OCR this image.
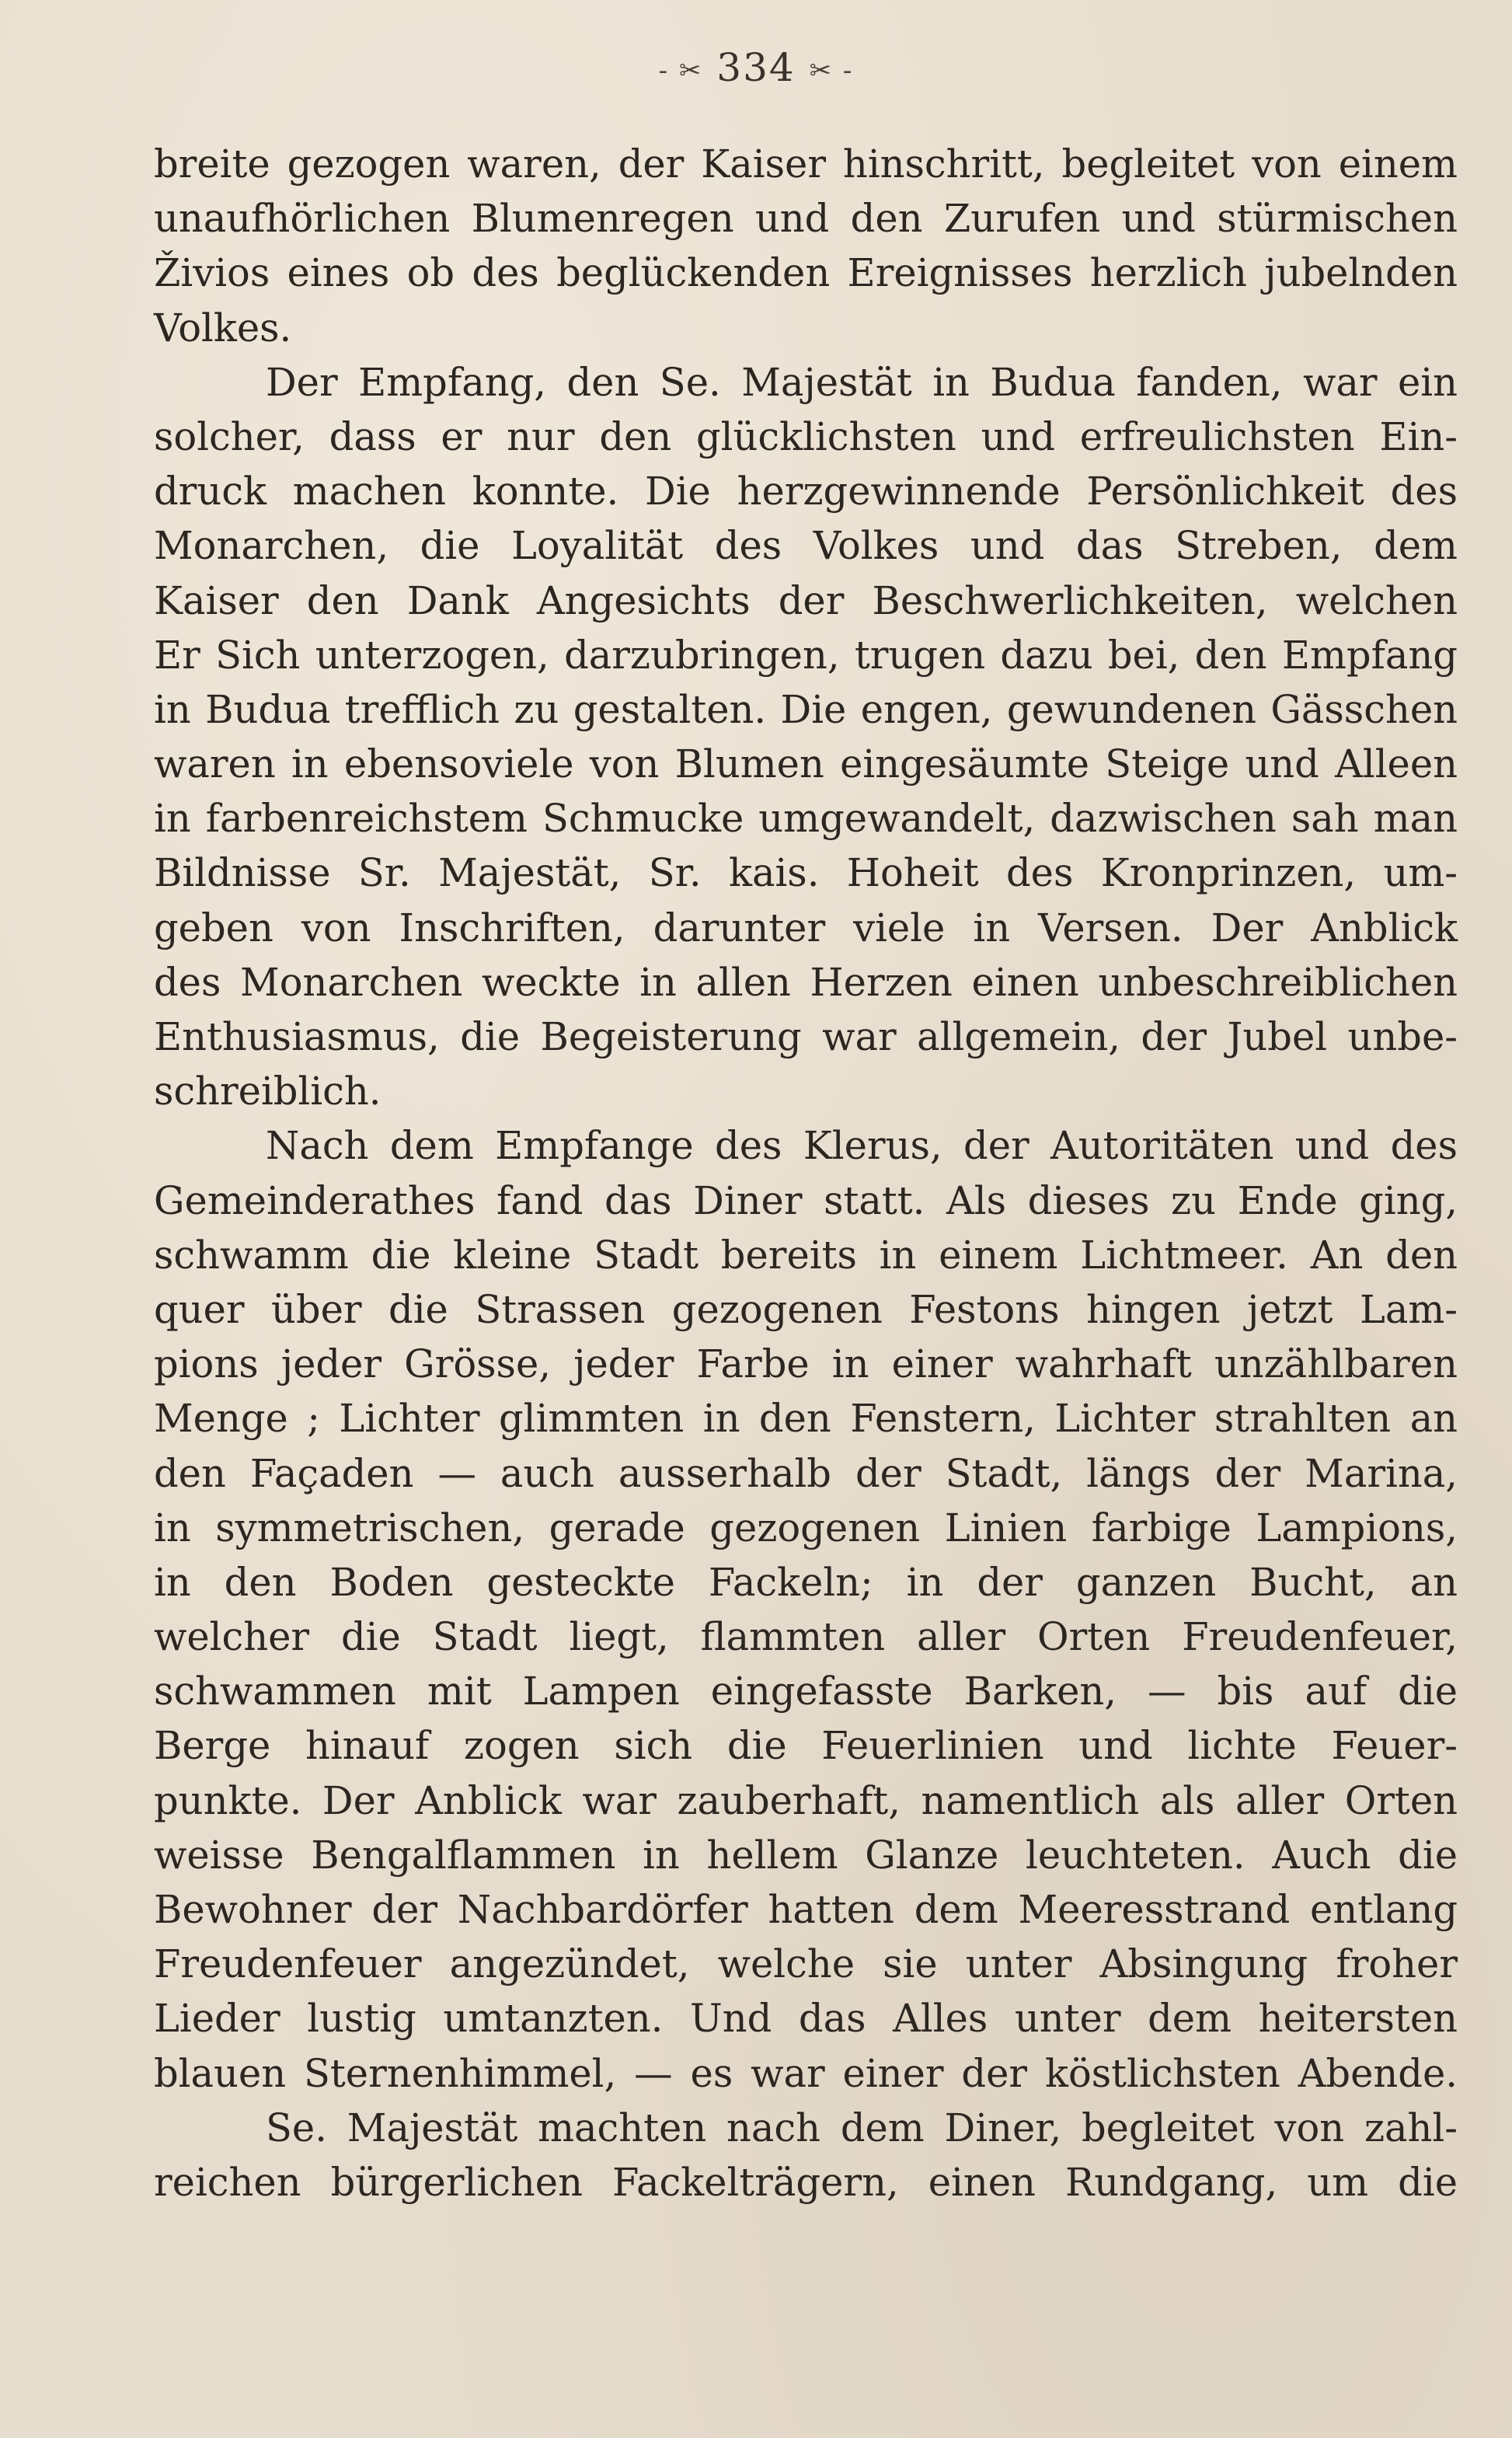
- ✂ 334 ✂ -
breite gezogen waren, der Kaiser hinschritt, begleitet von einem
unaufhörlichen Blumenregen und den Zurufen und stürmischen
Živios eines ob des beglückenden Ereignisses herzlich jubelnden
Volkes.
Der Empfang, den Se. Majestät in Budua fanden, war ein
solcher, dass er nur den glücklichsten und erfreulichsten Ein-
druck machen konnte. Die herzgewinnende Persönlichkeit des
Monarchen, die Loyalität des Volkes und das Streben, dem
Kaiser den Dank Angesichts der Beschwerlichkeiten, welchen
Er Sich unterzogen, darzubringen, trugen dazu bei, den Empfang
in Budua trefflich zu gestalten. Die engen, gewundenen Gässchen
waren in ebensoviele von Blumen eingesäumte Steige und Alleen
in farbenreichstem Schmucke umgewandelt, dazwischen sah man
Bildnisse Sr. Majestät, Sr. kais. Hoheit des Kronprinzen, um-
geben von Inschriften, darunter viele in Versen. Der Anblick
des Monarchen weckte in allen Herzen einen unbeschreiblichen
Enthusiasmus, die Begeisterung war allgemein, der Jubel unbe-
schreiblich.
Nach dem Empfange des Klerus, der Autoritäten und des
Gemeinderathes fand das Diner statt. Als dieses zu Ende ging,
schwamm die kleine Stadt bereits in einem Lichtmeer. An den
quer über die Strassen gezogenen Festons hingen jetzt Lam-
pions jeder Grösse, jeder Farbe in einer wahrhaft unzählbaren
Menge ; Lichter glimmten in den Fenstern, Lichter strahlten an
den Façaden — auch ausserhalb der Stadt, längs der Marina,
in symmetrischen, gerade gezogenen Linien farbige Lampions,
in den Boden gesteckte Fackeln; in der ganzen Bucht, an
welcher die Stadt liegt, flammten aller Orten Freudenfeuer,
schwammen mit Lampen eingefasste Barken, — bis auf die
Berge hinauf zogen sich die Feuerlinien und lichte Feuer-
punkte. Der Anblick war zauberhaft, namentlich als aller Orten
weisse Bengalflammen in hellem Glanze leuchteten. Auch die
Bewohner der Nachbardörfer hatten dem Meeresstrand entlang
Freudenfeuer angezündet, welche sie unter Absingung froher
Lieder lustig umtanzten. Und das Alles unter dem heitersten
blauen Sternenhimmel, — es war einer der köstlichsten Abende.
Se. Majestät machten nach dem Diner, begleitet von zahl-
reichen bürgerlichen Fackelträgern, einen Rundgang, um die
